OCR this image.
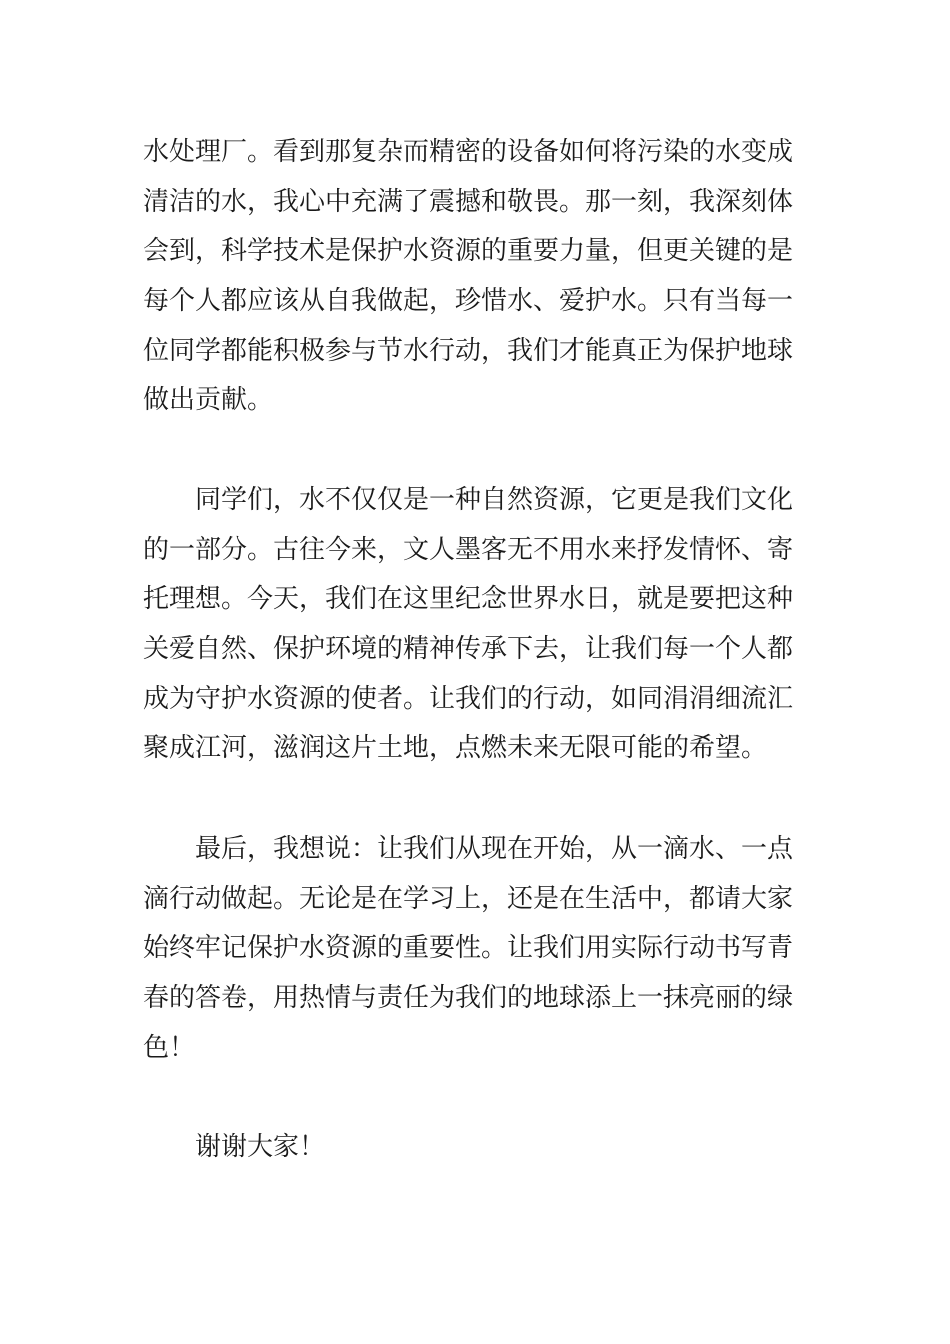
水处理厂。看到那复杂而精密的设备如何将污染的水变成
清洁的水，我心中充满了震撼和敬畏。那一刻，我深刻体
会到，科学技术是保护水资源的重要力量，但更关键的是
每个人都应该从自我做起，珍惜水、爱护水。只有当每一
位同学都能积极参与节水行动，我们才能真正为保护地球
做出贡献。
同学们，水不仅仅是一种自然资源，它更是我们文化
的一部分。古往今来，文人墨客无不用水来抒发情怀、寄
托理想。今天，我们在这里纪念世界水日，就是要把这种
关爱自然、保护环境的精神传承下去，让我们每一个人都
成为守护水资源的使者。让我们的行动，如同涓涓细流汇
聚成江河，滋润这片土地，点燃未来无限可能的希望。
最后，我想说：让我们从现在开始，从一滴水、一点
滴行动做起。无论是在学习上，还是在生活中，都请大家
始终牢记保护水资源的重要性。让我们用实际行动书写青
春的答卷，用热情与责任为我们的地球添上一抹亮丽的绿
色！
谢谢大家！
